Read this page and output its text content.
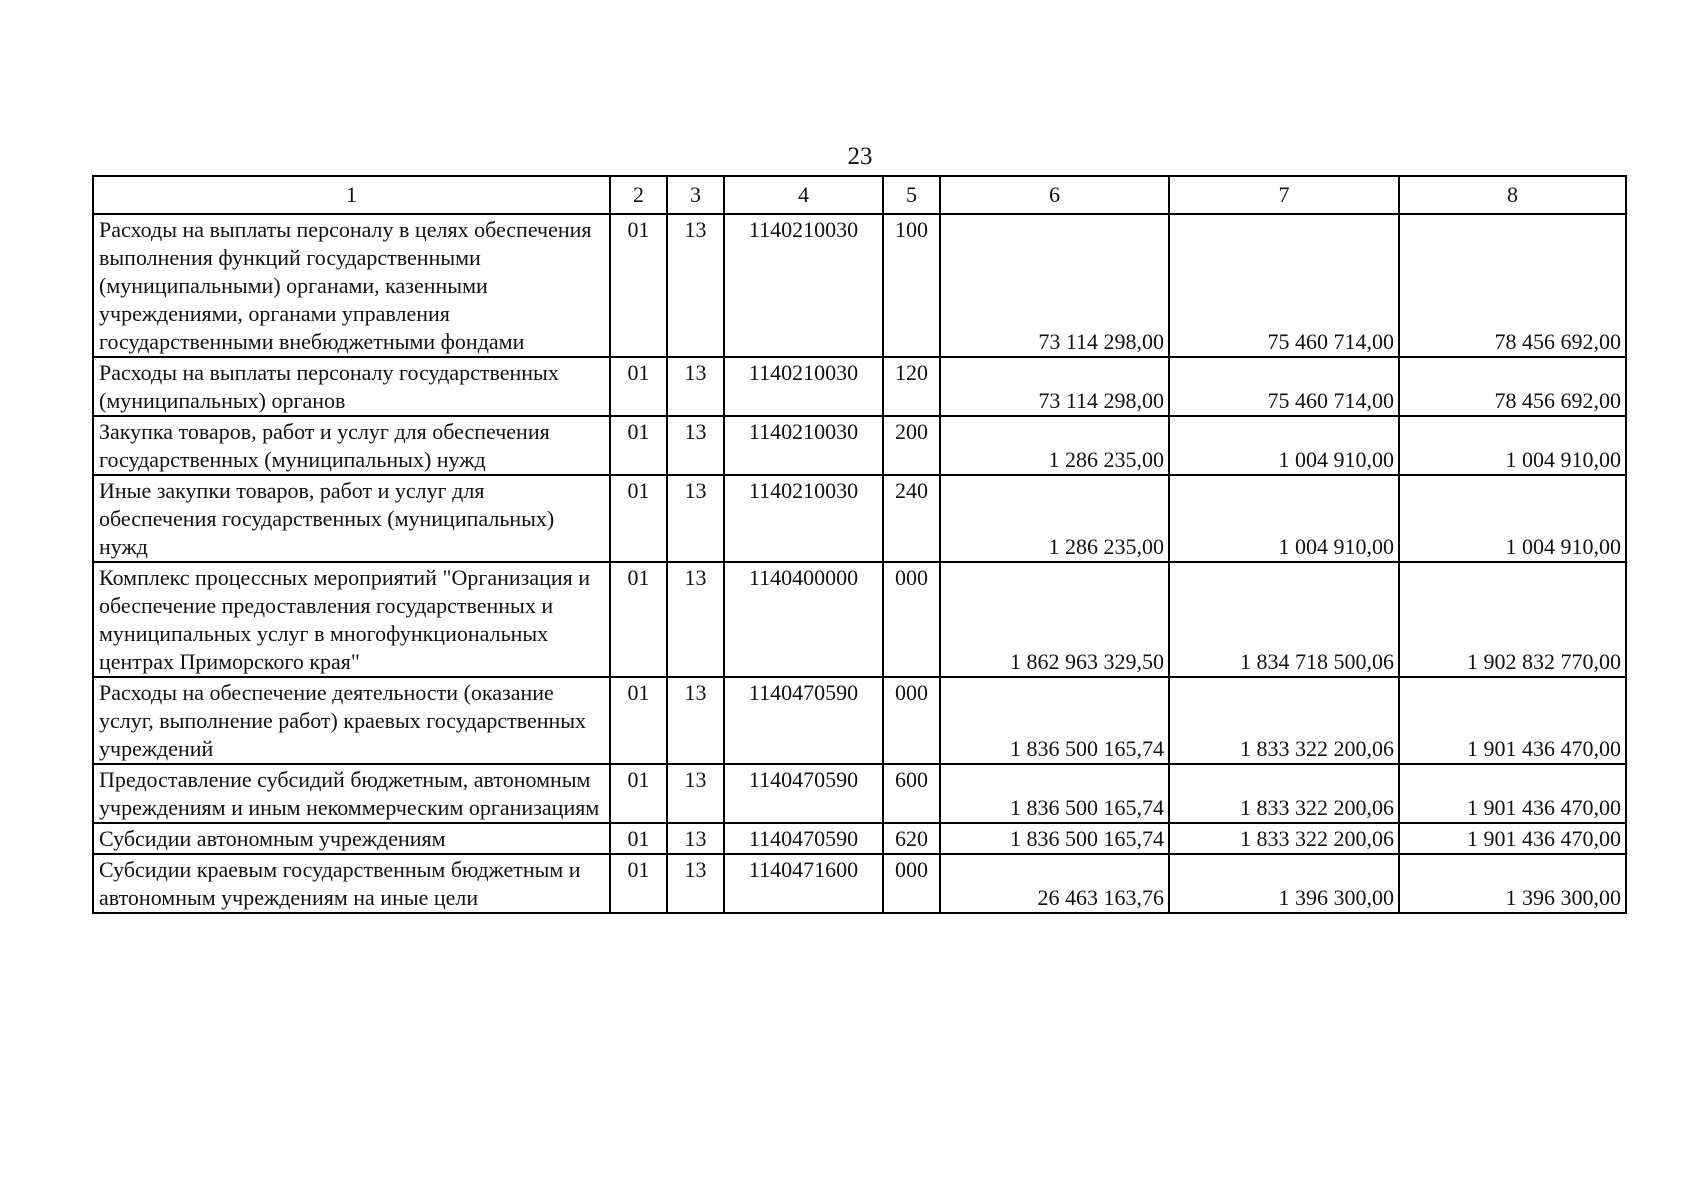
23
1	2	3	4	5	6	7	8
Расходы на выплаты персоналу в целях обеспечения выполнения функций государственными (муниципальными) органами, казенными учреждениями, органами управления государственными внебюджетными фондами	01	13	1140210030	100	73 114 298,00	75 460 714,00	78 456 692,00
Расходы на выплаты персоналу государственных (муниципальных) органов	01	13	1140210030	120	73 114 298,00	75 460 714,00	78 456 692,00
Закупка товаров, работ и услуг для обеспечения государственных (муниципальных) нужд	01	13	1140210030	200	1 286 235,00	1 004 910,00	1 004 910,00
Иные закупки товаров, работ и услуг для обеспечения государственных (муниципальных) нужд	01	13	1140210030	240	1 286 235,00	1 004 910,00	1 004 910,00
Комплекс процессных мероприятий "Организация и обеспечение предоставления государственных и муниципальных услуг в многофункциональных центрах Приморского края"	01	13	1140400000	000	1 862 963 329,50	1 834 718 500,06	1 902 832 770,00
Расходы на обеспечение деятельности (оказание услуг, выполнение работ) краевых государственных учреждений	01	13	1140470590	000	1 836 500 165,74	1 833 322 200,06	1 901 436 470,00
Предоставление субсидий бюджетным, автономным учреждениям и иным некоммерческим организациям	01	13	1140470590	600	1 836 500 165,74	1 833 322 200,06	1 901 436 470,00
Субсидии автономным учреждениям	01	13	1140470590	620	1 836 500 165,74	1 833 322 200,06	1 901 436 470,00
Субсидии краевым государственным бюджетным и автономным учреждениям на иные цели	01	13	1140471600	000	26 463 163,76	1 396 300,00	1 396 300,00
